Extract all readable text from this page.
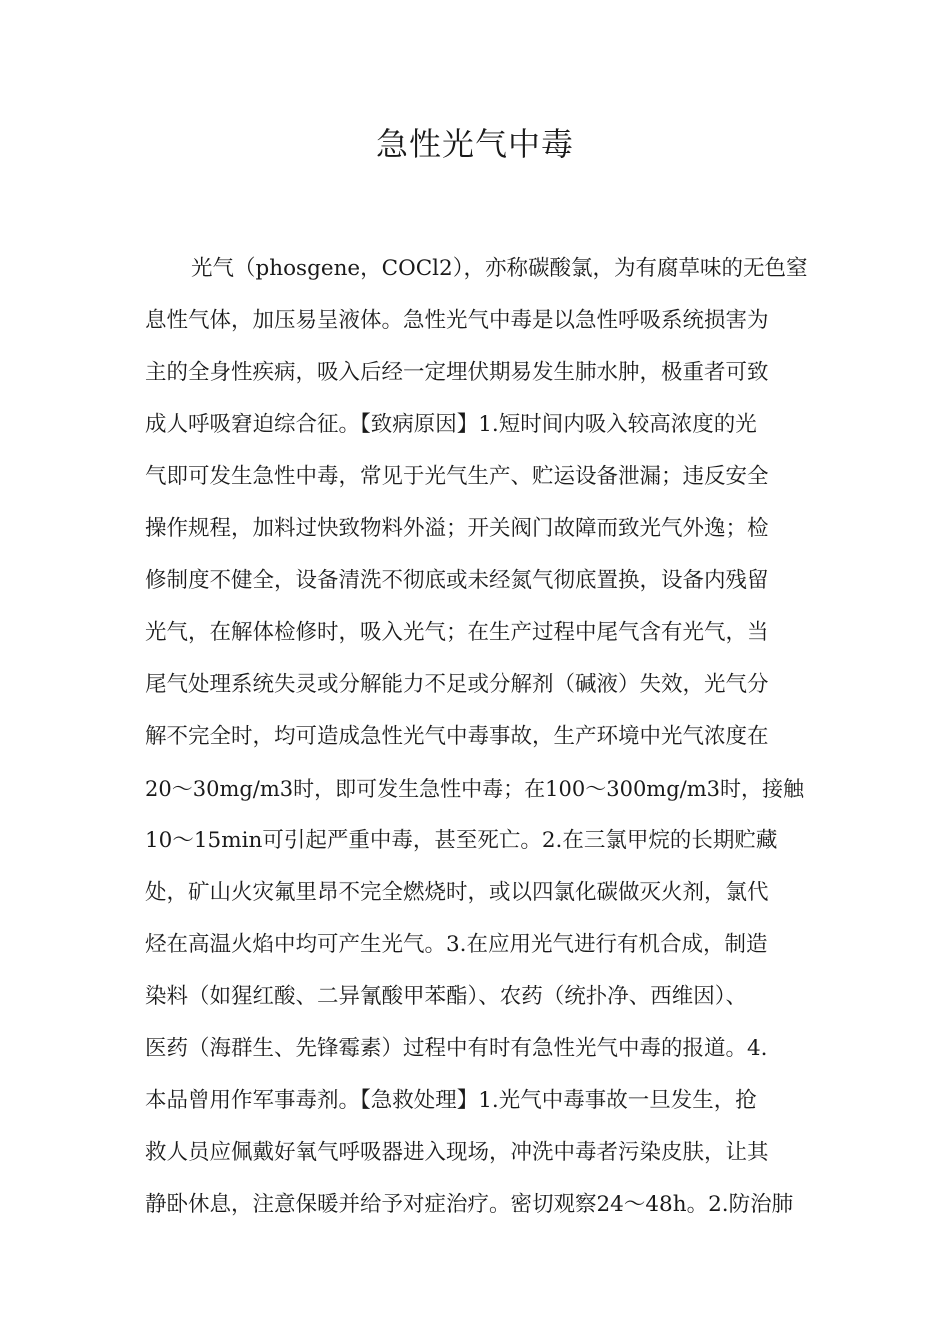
急性光气中毒
光气（phosgene，COCl2），亦称碳酸氯，为有腐草味的无色窒
息性气体，加压易呈液体。急性光气中毒是以急性呼吸系统损害为
主的全身性疾病，吸入后经一定埋伏期易发生肺水肿，极重者可致
成人呼吸窘迫综合征。【致病原因】1.短时间内吸入较高浓度的光
气即可发生急性中毒，常见于光气生产、贮运设备泄漏；违反安全
操作规程，加料过快致物料外溢；开关阀门故障而致光气外逸；检
修制度不健全，设备清洗不彻底或未经氮气彻底置换，设备内残留
光气，在解体检修时，吸入光气；在生产过程中尾气含有光气，当
尾气处理系统失灵或分解能力不足或分解剂（碱液）失效，光气分
解不完全时，均可造成急性光气中毒事故，生产环境中光气浓度在
20～30mg/m3时，即可发生急性中毒；在100～300mg/m3时，接触
10～15min可引起严重中毒，甚至死亡。2.在三氯甲烷的长期贮藏
处，矿山火灾氟里昂不完全燃烧时，或以四氯化碳做灭火剂，氯代
烃在高温火焰中均可产生光气。3.在应用光气进行有机合成，制造
染料（如猩红酸、二异氰酸甲苯酯）、农药（统扑净、西维因）、
医药（海群生、先锋霉素）过程中有时有急性光气中毒的报道。4.
本品曾用作军事毒剂。【急救处理】1.光气中毒事故一旦发生，抢
救人员应佩戴好氧气呼吸器进入现场，冲洗中毒者污染皮肤，让其
静卧休息，注意保暖并给予对症治疗。密切观察24～48h。2.防治肺
